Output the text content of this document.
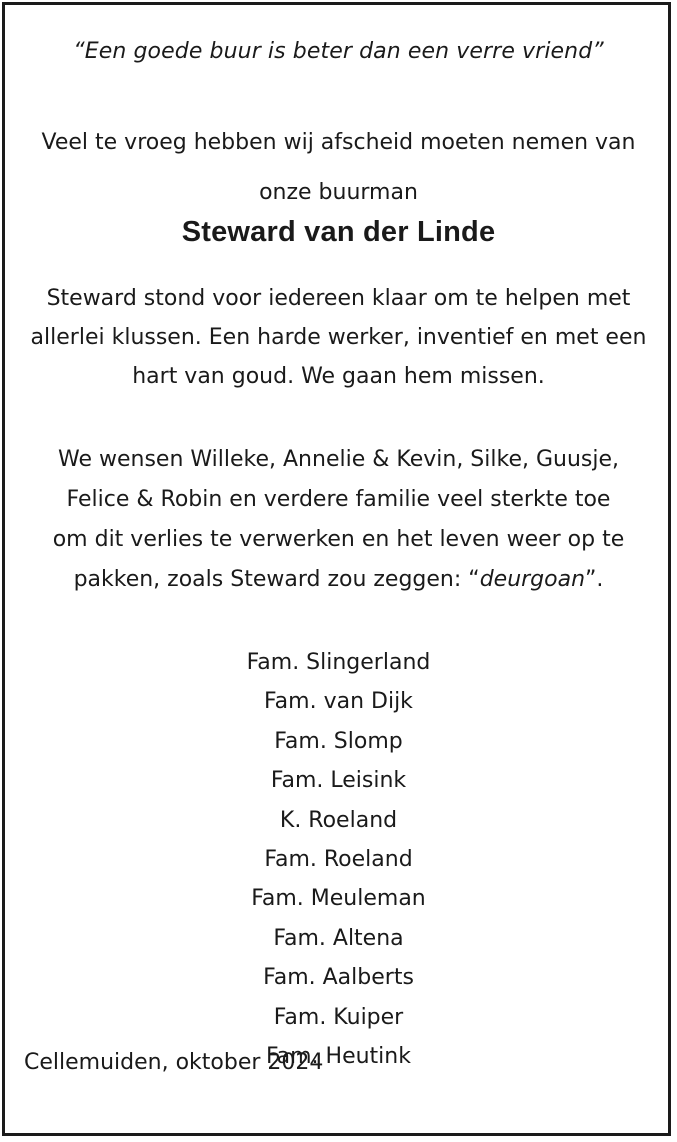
“Een goede buur is beter dan een verre vriend”
Veel te vroeg hebben wij afscheid moeten nemen van
onze buurman
Steward van der Linde
Steward stond voor iedereen klaar om te helpen met
allerlei klussen. Een harde werker, inventief en met een
hart van goud. We gaan hem missen.
We wensen Willeke, Annelie & Kevin, Silke, Guusje,
Felice & Robin en verdere familie veel sterkte toe
om dit verlies te verwerken en het leven weer op te
pakken, zoals Steward zou zeggen: “deurgoan”.
Fam. Slingerland
Fam. van Dijk
Fam. Slomp
Fam. Leisink
K. Roeland
Fam. Roeland
Fam. Meuleman
Fam. Altena
Fam. Aalberts
Fam. Kuiper
Fam. Heutink
Cellemuiden, oktober 2024
